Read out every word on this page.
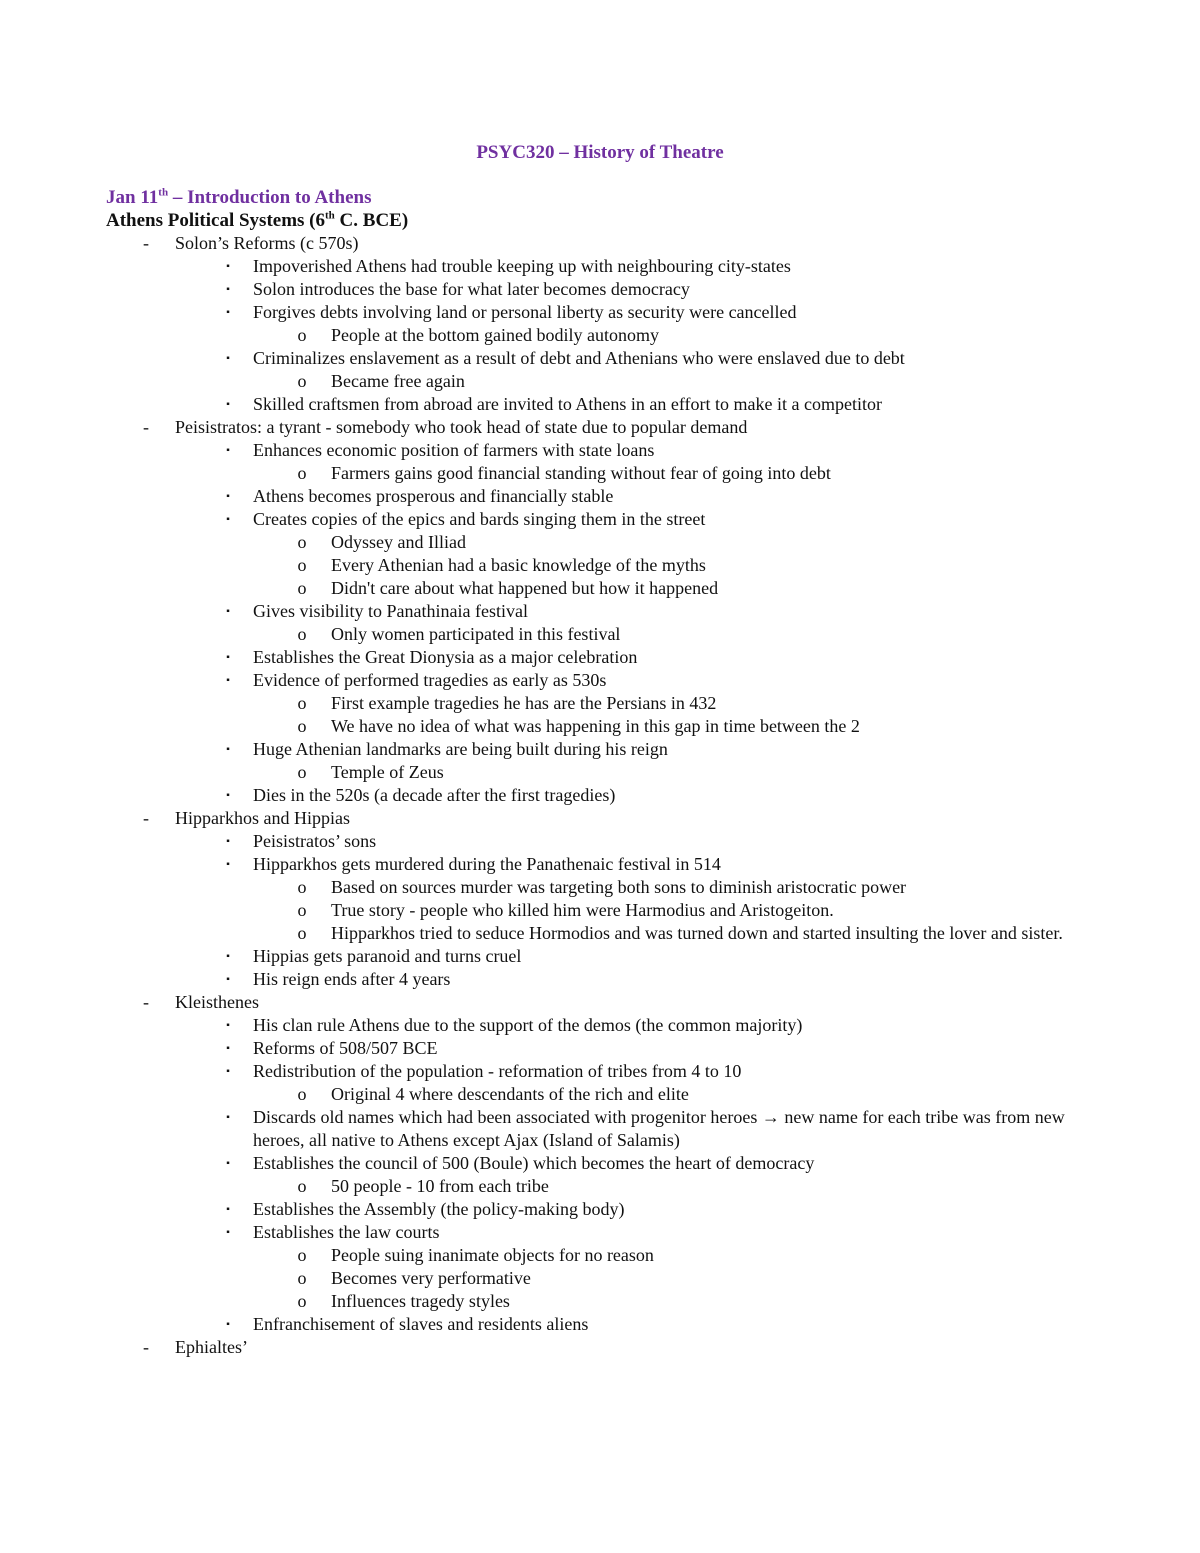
PSYC320 – History of Theatre
Jan 11th – Introduction to Athens
Athens Political Systems (6th C. BCE)
-	Solon’s Reforms (c 570s)
▪	Impoverished Athens had trouble keeping up with neighbouring city-states
▪	Solon introduces the base for what later becomes democracy
▪	Forgives debts involving land or personal liberty as security were cancelled
o	People at the bottom gained bodily autonomy
▪	Criminalizes enslavement as a result of debt and Athenians who were enslaved due to debt
o	Became free again
▪	Skilled craftsmen from abroad are invited to Athens in an effort to make it a competitor
-	Peisistratos: a tyrant - somebody who took head of state due to popular demand
▪	Enhances economic position of farmers with state loans
o	Farmers gains good financial standing without fear of going into debt
▪	Athens becomes prosperous and financially stable
▪	Creates copies of the epics and bards singing them in the street
o	Odyssey and Illiad
o	Every Athenian had a basic knowledge of the myths
o	Didn't care about what happened but how it happened
▪	Gives visibility to Panathinaia festival
o	Only women participated in this festival
▪	Establishes the Great Dionysia as a major celebration
▪	Evidence of performed tragedies as early as 530s
o	First example tragedies he has are the Persians in 432
o	We have no idea of what was happening in this gap in time between the 2
▪	Huge Athenian landmarks are being built during his reign
o	Temple of Zeus
▪	Dies in the 520s (a decade after the first tragedies)
-	Hipparkhos and Hippias
▪	Peisistratos’ sons
▪	Hipparkhos gets murdered during the Panathenaic festival in 514
o	Based on sources murder was targeting both sons to diminish aristocratic power
o	True story - people who killed him were Harmodius and Aristogeiton.
o	Hipparkhos tried to seduce Hormodios and was turned down and started insulting the lover and sister.
▪	Hippias gets paranoid and turns cruel
▪	His reign ends after 4 years
-	Kleisthenes
▪	His clan rule Athens due to the support of the demos (the common majority)
▪	Reforms of 508/507 BCE
▪	Redistribution of the population - reformation of tribes from 4 to 10
o	Original 4 where descendants of the rich and elite
▪	Discards old names which had been associated with progenitor heroes → new name for each tribe was from new heroes, all native to Athens except Ajax (Island of Salamis)
▪	Establishes the council of 500 (Boule) which becomes the heart of democracy
o	50 people - 10 from each tribe
▪	Establishes the Assembly (the policy-making body)
▪	Establishes the law courts
o	People suing inanimate objects for no reason
o	Becomes very performative
o	Influences tragedy styles
▪	Enfranchisement of slaves and residents aliens
-	Ephialtes’
